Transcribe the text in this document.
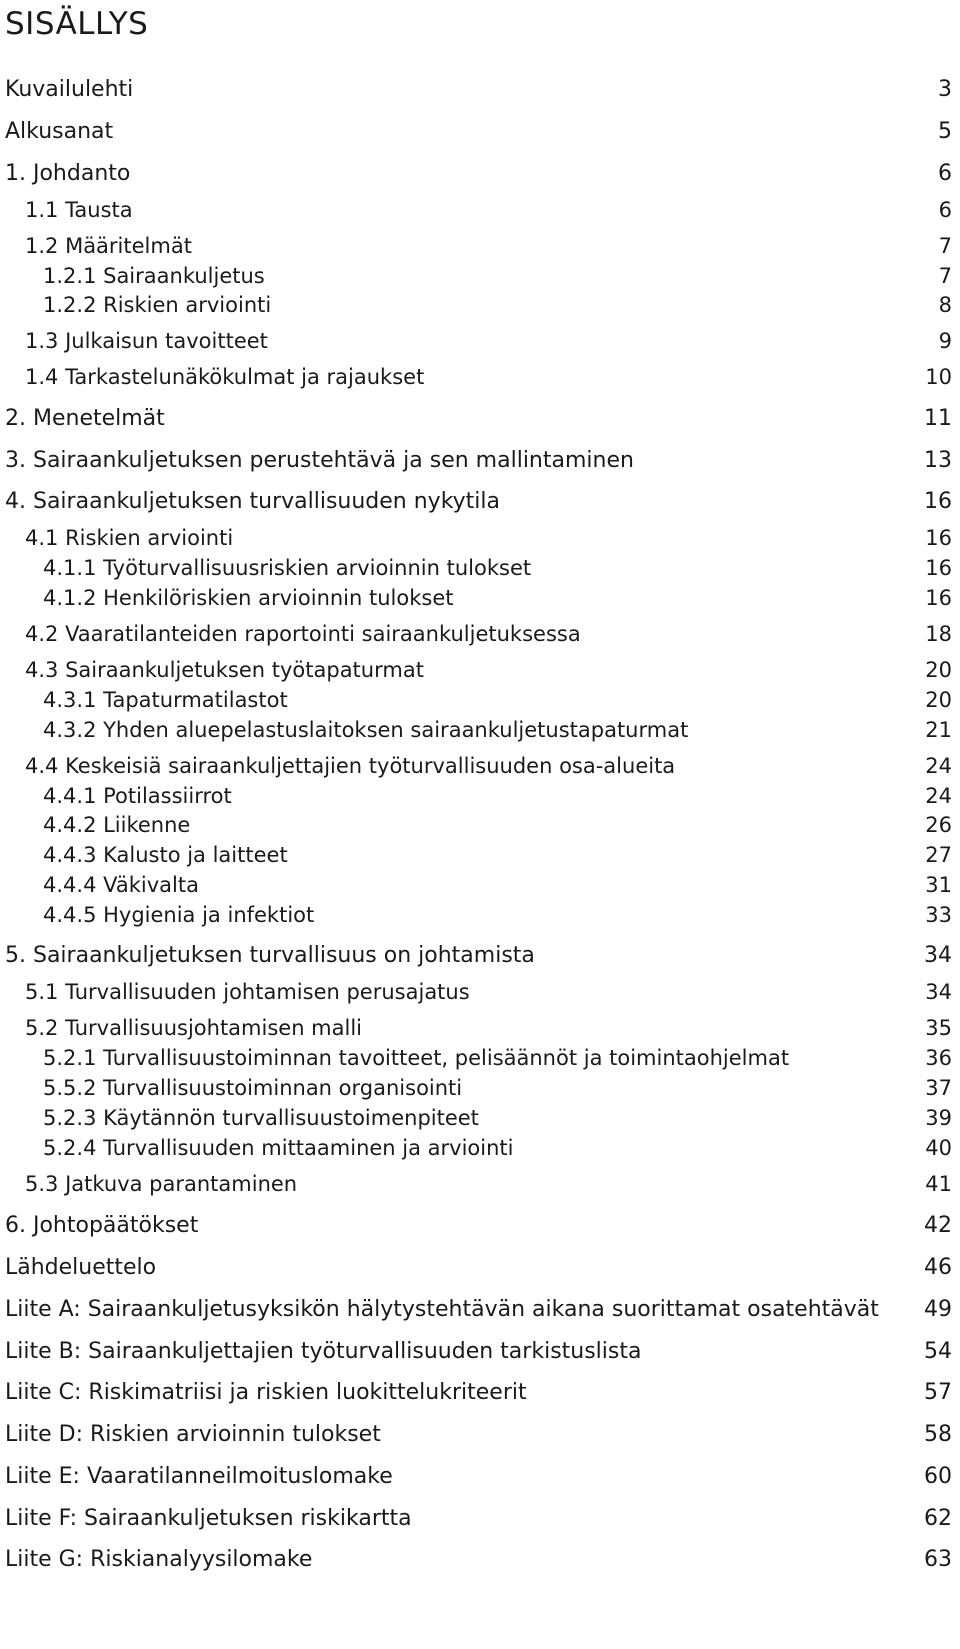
SISÄLLYS
Kuvailulehti	3
Alkusanat	5
1. Johdanto	6
1.1 Tausta	6
1.2 Määritelmät	7
1.2.1 Sairaankuljetus	7
1.2.2 Riskien arviointi	8
1.3 Julkaisun tavoitteet	9
1.4 Tarkastelunäkökulmat ja rajaukset	10
2. Menetelmät	11
3. Sairaankuljetuksen perustehtävä ja sen mallintaminen	13
4. Sairaankuljetuksen turvallisuuden nykytila	16
4.1 Riskien arviointi	16
4.1.1 Työturvallisuusriskien arvioinnin tulokset	16
4.1.2 Henkilöriskien arvioinnin tulokset	16
4.2 Vaaratilanteiden raportointi sairaankuljetuksessa	18
4.3 Sairaankuljetuksen työtapaturmat	20
4.3.1 Tapaturmatilastot	20
4.3.2 Yhden aluepelastuslaitoksen sairaankuljetustapaturmat	21
4.4 Keskeisiä sairaankuljettajien työturvallisuuden osa-alueita	24
4.4.1 Potilassiirrot	24
4.4.2 Liikenne	26
4.4.3 Kalusto ja laitteet	27
4.4.4 Väkivalta	31
4.4.5 Hygienia ja infektiot	33
5. Sairaankuljetuksen turvallisuus on johtamista	34
5.1 Turvallisuuden johtamisen perusajatus	34
5.2 Turvallisuusjohtamisen malli	35
5.2.1 Turvallisuustoiminnan tavoitteet, pelisäännöt ja toimintaohjelmat	36
5.5.2 Turvallisuustoiminnan organisointi	37
5.2.3 Käytännön turvallisuustoimenpiteet	39
5.2.4 Turvallisuuden mittaaminen ja arviointi	40
5.3 Jatkuva parantaminen	41
6. Johtopäätökset	42
Lähdeluettelo	46
Liite A: Sairaankuljetusyksikön hälytystehtävän aikana suorittamat osatehtävät 49
Liite B: Sairaankuljettajien työturvallisuuden tarkistuslista	54
Liite C: Riskimatriisi ja riskien luokittelukriteerit	57
Liite D: Riskien arvioinnin tulokset	58
Liite E: Vaaratilanneilmoituslomake	60
Liite F: Sairaankuljetuksen riskikartta	62
Liite G: Riskianalyysilomake	63
